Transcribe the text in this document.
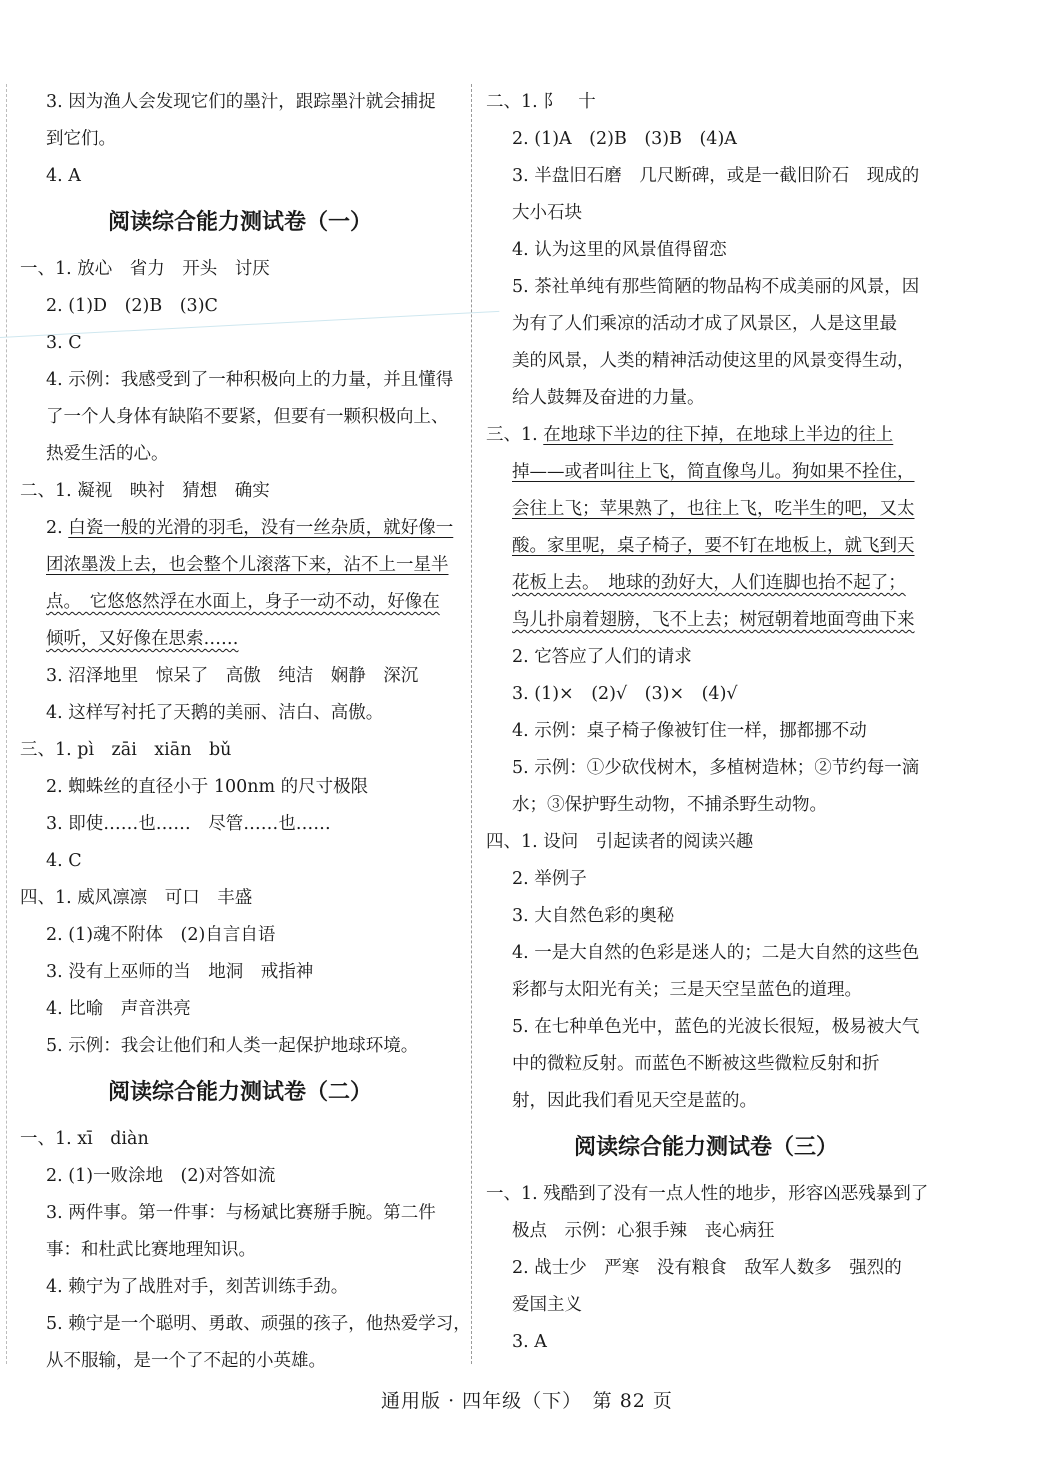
3. 因为渔人会发现它们的墨汁，跟踪墨汁就会捕捉
到它们。
4. A
阅读综合能力测试卷（一）
一、1. 放心　省力　开头　讨厌
2. (1)D　(2)B　(3)C
3. C
4. 示例：我感受到了一种积极向上的力量，并且懂得
了一个人身体有缺陷不要紧，但要有一颗积极向上、
热爱生活的心。
二、1. 凝视　映衬　猜想　确实
2. 白瓷一般的光滑的羽毛，没有一丝杂质，就好像一
团浓墨泼上去，也会整个儿滚落下来，沾不上一星半
点。　它悠悠然浮在水面上，身子一动不动，好像在
倾听，又好像在思索……
3. 沼泽地里　惊呆了　高傲　纯洁　娴静　深沉
4. 这样写衬托了天鹅的美丽、洁白、高傲。
三、1. pì　zāi　xiān　bǔ
2. 蜘蛛丝的直径小于 100nm 的尺寸极限
3. 即使……也……　尽管……也……
4. C
四、1. 威风凛凛　可口　丰盛
2. (1)魂不附体　(2)自言自语
3. 没有上巫师的当　地洞　戒指神
4. 比喻　声音洪亮
5. 示例：我会让他们和人类一起保护地球环境。
阅读综合能力测试卷（二）
一、1. xī　diàn
2. (1)一败涂地　(2)对答如流
3. 两件事。第一件事：与杨斌比赛掰手腕。第二件
事：和杜武比赛地理知识。
4. 赖宁为了战胜对手，刻苦训练手劲。
5. 赖宁是一个聪明、勇敢、顽强的孩子，他热爱学习，
从不服输，是一个了不起的小英雄。
二、1. 阝　十
2. (1)A　(2)B　(3)B　(4)A
3. 半盘旧石磨　几尺断碑，或是一截旧阶石　现成的
大小石块
4. 认为这里的风景值得留恋
5. 茶社单纯有那些简陋的物品构不成美丽的风景，因
为有了人们乘凉的活动才成了风景区，人是这里最
美的风景，人类的精神活动使这里的风景变得生动，
给人鼓舞及奋进的力量。
三、1. 在地球下半边的往下掉，在地球上半边的往上
掉——或者叫往上飞，简直像鸟儿。狗如果不拴住，
会往上飞；苹果熟了，也往上飞，吃半生的吧，又太
酸。家里呢，桌子椅子，要不钉在地板上，就飞到天
花板上去。　地球的劲好大，人们连脚也抬不起了；
鸟儿扑扇着翅膀，飞不上去；树冠朝着地面弯曲下来
2. 它答应了人们的请求
3. (1)×　(2)√　(3)×　(4)√
4. 示例：桌子椅子像被钉住一样，挪都挪不动
5. 示例：①少砍伐树木，多植树造林；②节约每一滴
水；③保护野生动物，不捕杀野生动物。
四、1. 设问　引起读者的阅读兴趣
2. 举例子
3. 大自然色彩的奥秘
4. 一是大自然的色彩是迷人的；二是大自然的这些色
彩都与太阳光有关；三是天空呈蓝色的道理。
5. 在七种单色光中，蓝色的光波长很短，极易被大气
中的微粒反射。而蓝色不断被这些微粒反射和折
射，因此我们看见天空是蓝的。
阅读综合能力测试卷（三）
一、1. 残酷到了没有一点人性的地步，形容凶恶残暴到了
极点　示例：心狠手辣　丧心病狂
2. 战士少　严寒　没有粮食　敌军人数多　强烈的
爱国主义
3. A
通用版 · 四年级（下）　第 82 页
